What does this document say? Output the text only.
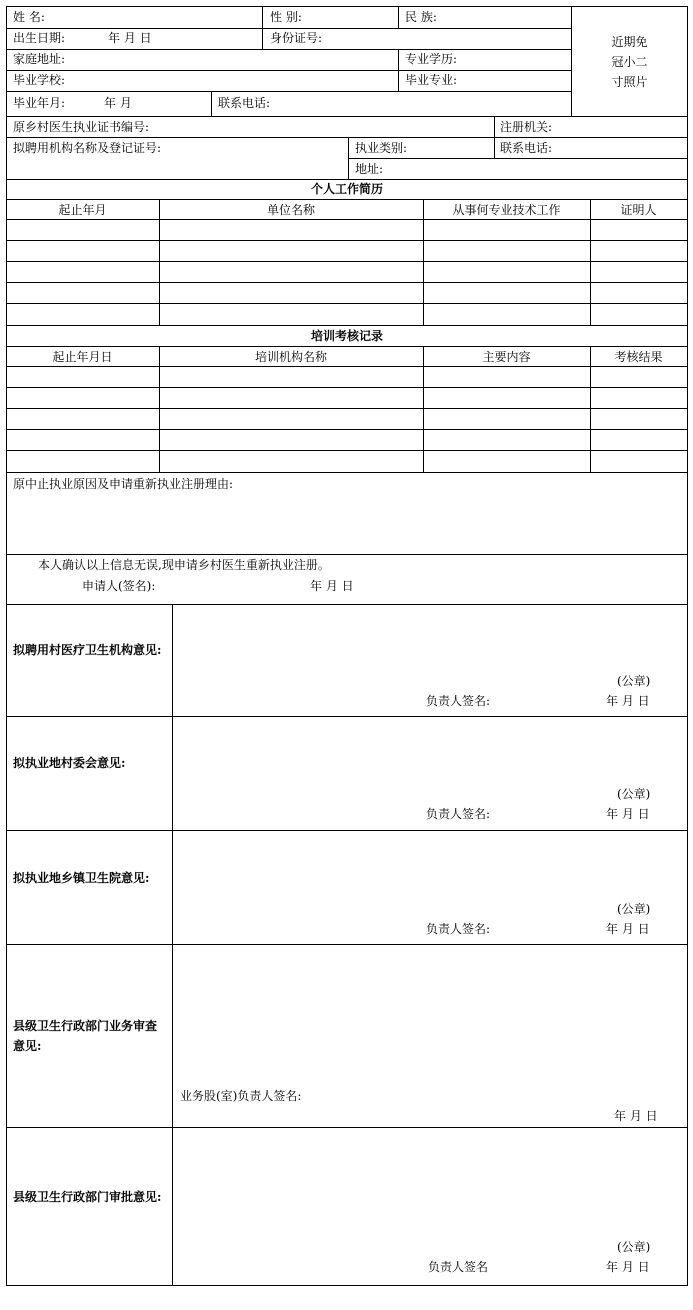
姓 名:	性 别:	民 族:
出生日期:	年 月 日	身份证号:
家庭地址:	专业学历:
毕业学校:	毕业专业:
毕业年月:	年 月	联系电话:
近期免
冠小二
寸照片
原乡村医生执业证书编号:	注册机关:
拟聘用机构名称及登记证号:	执业类别:	联系电话:
地址:
个人工作简历
起止年月	单位名称	从事何专业技术工作	证明人
培训考核记录
起止年月日	培训机构名称	主要内容	考核结果
原中止执业原因及申请重新执业注册理由:
本人确认以上信息无误,现申请乡村医生重新执业注册。
申请人(签名):	年 月 日
拟聘用村医疗卫生机构意见:
(公章)
负责人签名:	年 月 日
拟执业地村委会意见:
(公章)
负责人签名:	年 月 日
拟执业地乡镇卫生院意见:
(公章)
负责人签名:	年 月 日
县级卫生行政部门业务审查意见:
业务股(室)负责人签名:
年 月 日
县级卫生行政部门审批意见:
(公章)
负责人签名	年 月 日
